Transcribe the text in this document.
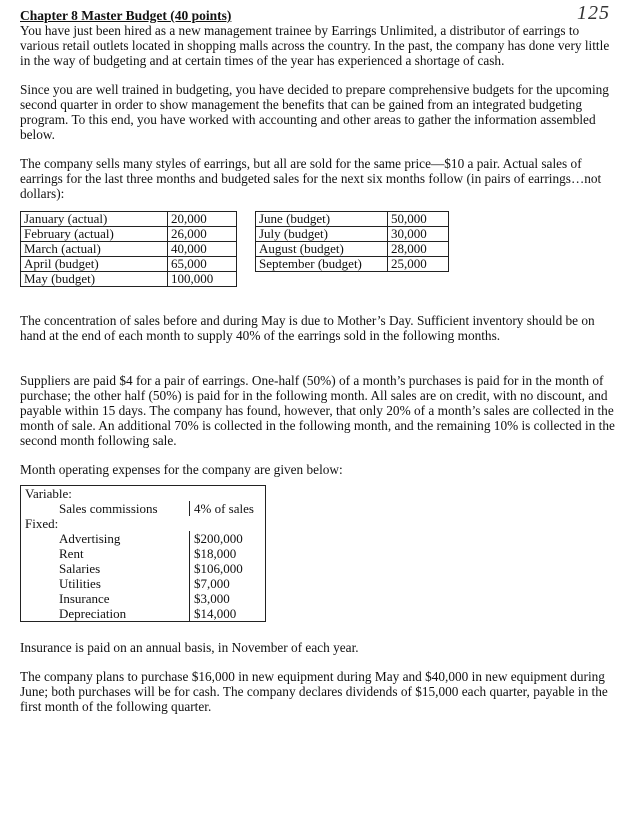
125

Chapter 8 Master Budget (40 points)

You have just been hired as a new management trainee by Earrings Unlimited, a distributor of earrings to various retail outlets located in shopping malls across the country. In the past, the company has done very little in the way of budgeting and at certain times of the year has experienced a shortage of cash.

Since you are well trained in budgeting, you have decided to prepare comprehensive budgets for the upcoming second quarter in order to show management the benefits that can be gained from an integrated budgeting program. To this end, you have worked with accounting and other areas to gather the information assembled below.

The company sells many styles of earrings, but all are sold for the same price—$10 a pair. Actual sales of earrings for the last three months and budgeted sales for the next six months follow (in pairs of earrings…not dollars):

January (actual)	20,000		June (budget)	50,000
February (actual)	26,000		July (budget)	30,000
March (actual)	40,000		August (budget)	28,000
April (budget)	65,000		September (budget)	25,000
May (budget)	100,000			

The concentration of sales before and during May is due to Mother’s Day. Sufficient inventory should be on hand at the end of each month to supply 40% of the earrings sold in the following months.

Suppliers are paid $4 for a pair of earrings. One-half (50%) of a month’s purchases is paid for in the month of purchase; the other half (50%) is paid for in the following month. All sales are on credit, with no discount, and payable within 15 days. The company has found, however, that only 20% of a month’s sales are collected in the month of sale. An additional 70% is collected in the following month, and the remaining 10% is collected in the second month following sale.

Month operating expenses for the company are given below:

Variable:
Sales commissions	4% of sales
Fixed:
Advertising	$200,000
Rent	$18,000
Salaries	$106,000
Utilities	$7,000
Insurance	$3,000
Depreciation	$14,000

Insurance is paid on an annual basis, in November of each year.

The company plans to purchase $16,000 in new equipment during May and $40,000 in new equipment during June; both purchases will be for cash. The company declares dividends of $15,000 each quarter, payable in the first month of the following quarter.
